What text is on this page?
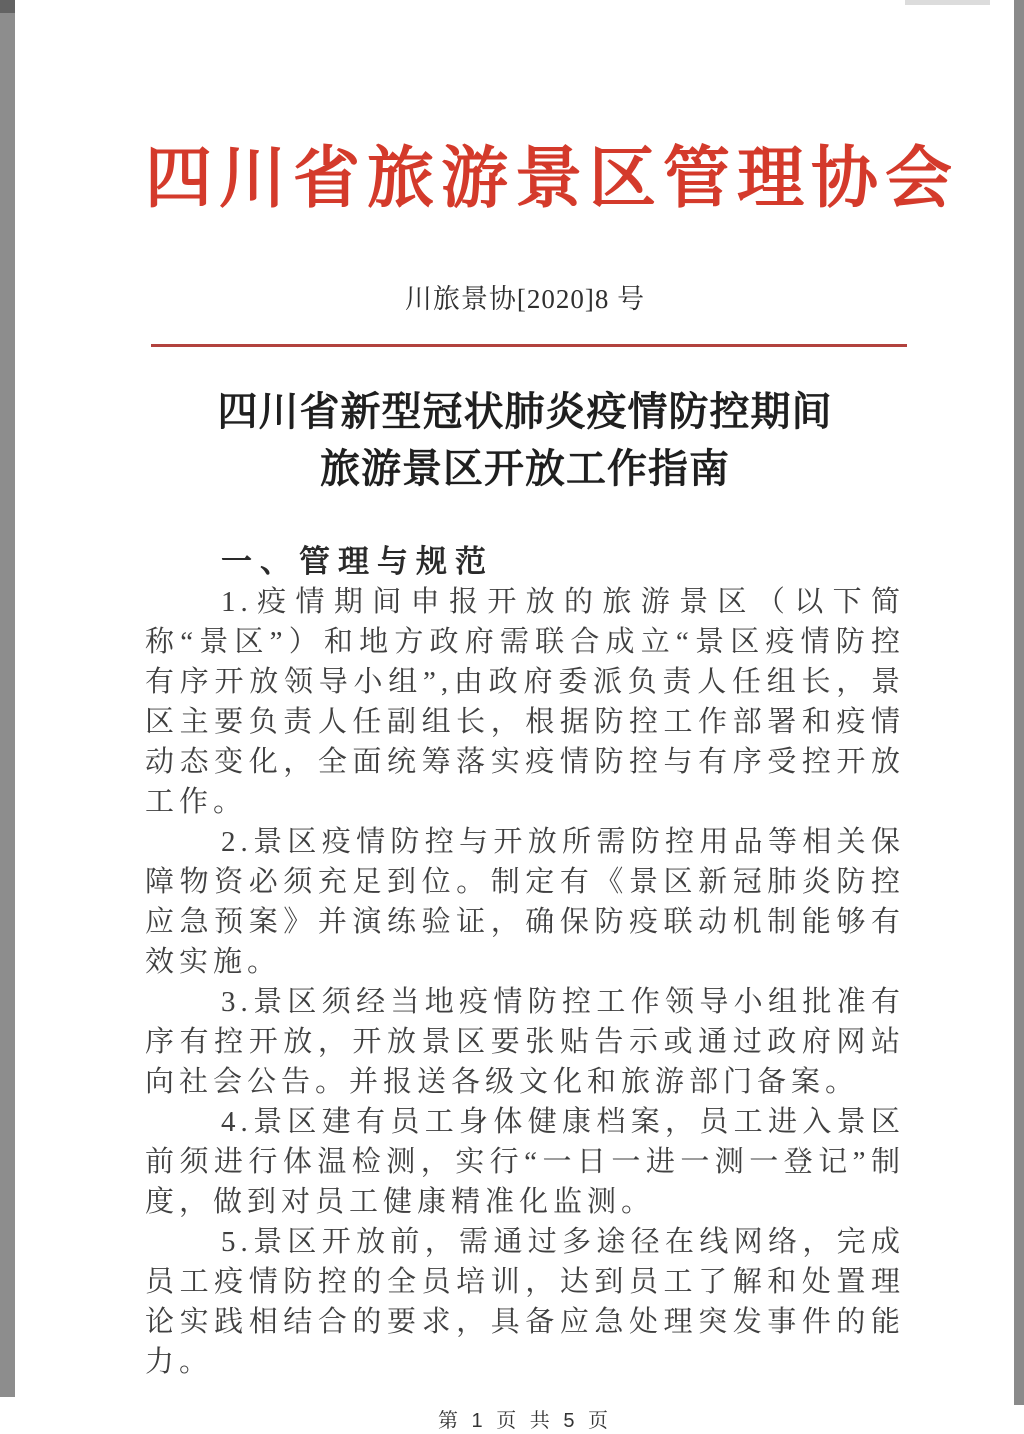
四川省旅游景区管理协会
川旅景协[2020]8 号
四川省新型冠状肺炎疫情防控期间
旅游景区开放工作指南
一、管理与规范

1.疫情期间申报开放的旅游景区（以下简称“景区”）和地方政府需联合成立“景区疫情防控有序开放领导小组”,由政府委派负责人任组长，景区主要负责人任副组长，根据防控工作部署和疫情动态变化，全面统筹落实疫情防控与有序受控开放工作。

2.景区疫情防控与开放所需防控用品等相关保障物资必须充足到位。制定有《景区新冠肺炎防控应急预案》并演练验证，确保防疫联动机制能够有效实施。

3.景区须经当地疫情防控工作领导小组批准有序有控开放，开放景区要张贴告示或通过政府网站向社会公告。并报送各级文化和旅游部门备案。

4.景区建有员工身体健康档案，员工进入景区前须进行体温检测，实行“一日一进一测一登记”制度，做到对员工健康精准化监测。

5.景区开放前，需通过多途径在线网络，完成员工疫情防控的全员培训，达到员工了解和处置理论实践相结合的要求，具备应急处理突发事件的能力。

第 1 页 共 5 页
